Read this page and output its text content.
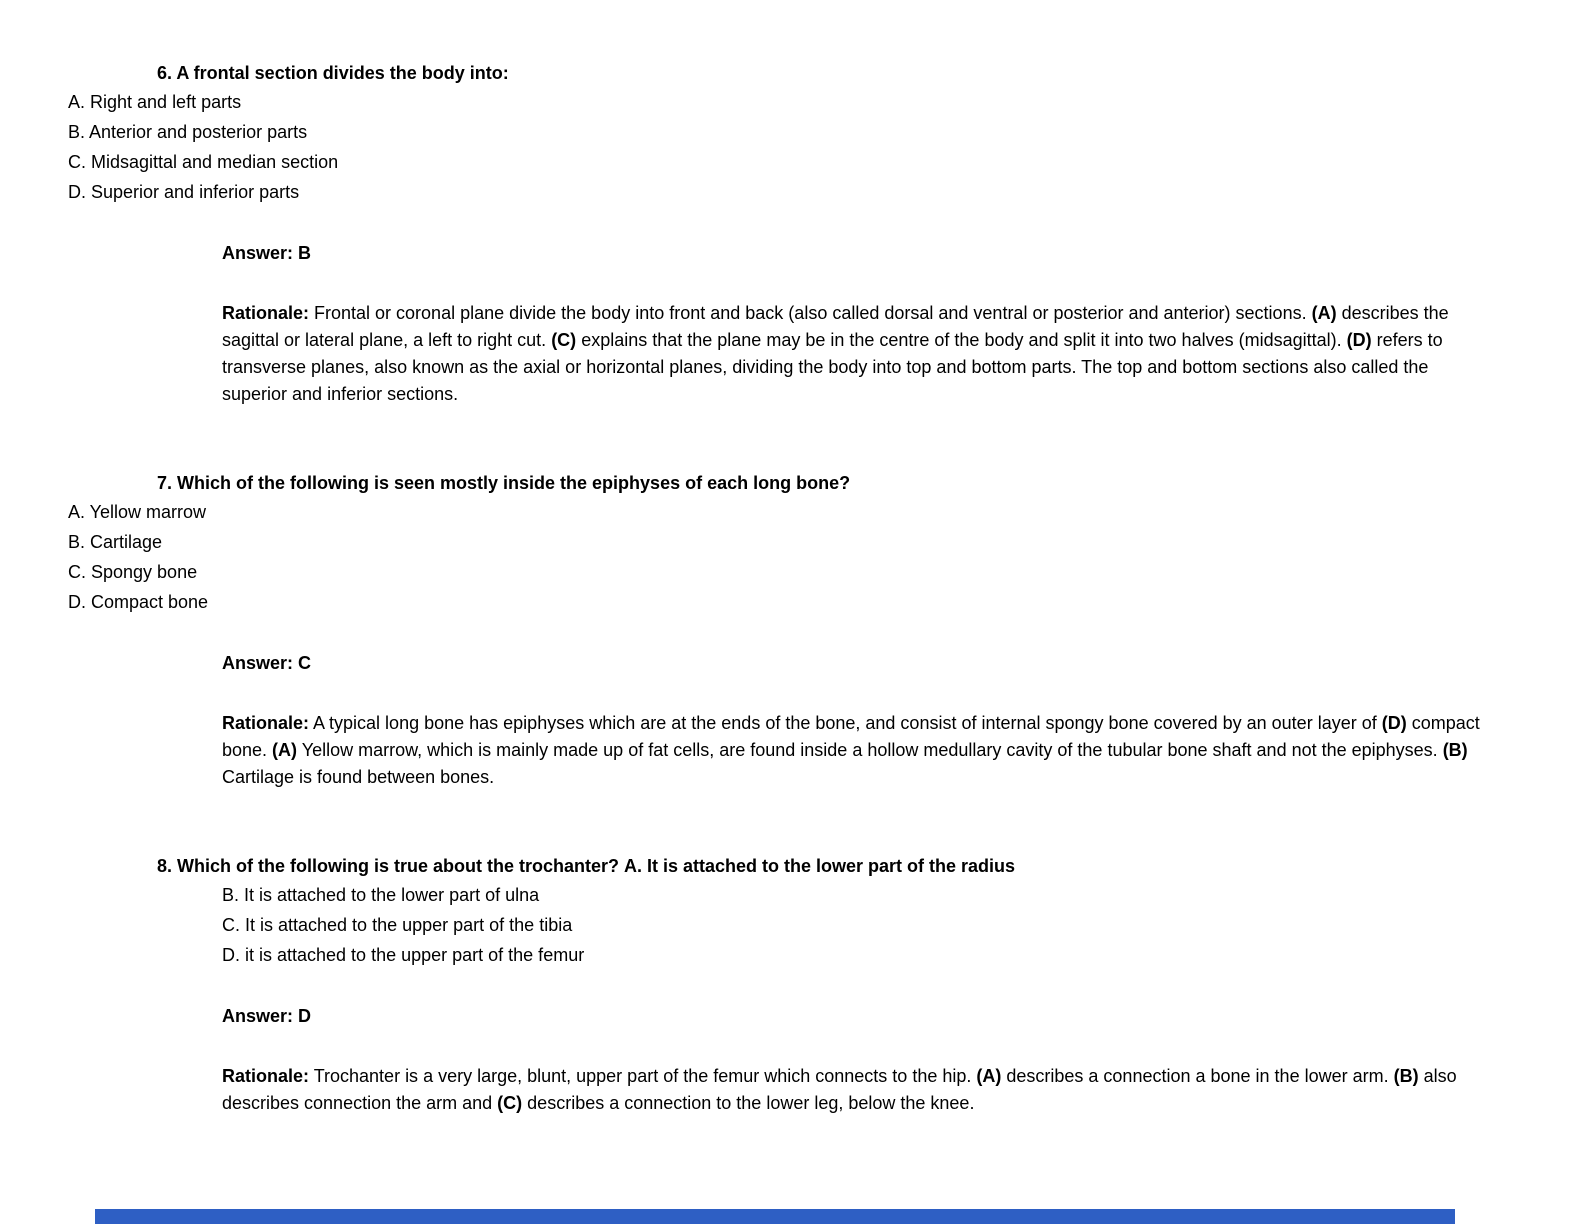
6. A frontal section divides the body into:

A. Right and left parts
B. Anterior and posterior parts
C. Midsagittal and median section
D. Superior and inferior parts

Answer: B

Rationale: Frontal or coronal plane divide the body into front and back (also called dorsal and ventral or posterior and anterior) sections. (A) describes the sagittal or lateral plane, a left to right cut. (C) explains that the plane may be in the centre of the body and split it into two halves (midsagittal). (D) refers to transverse planes, also known as the axial or horizontal planes, dividing the body into top and bottom parts. The top and bottom sections also called the superior and inferior sections.

7. Which of the following is seen mostly inside the epiphyses of each long bone?

A. Yellow marrow
B. Cartilage
C. Spongy bone
D. Compact bone

Answer: C

Rationale: A typical long bone has epiphyses which are at the ends of the bone, and consist of internal spongy bone covered by an outer layer of (D) compact bone. (A) Yellow marrow, which is mainly made up of fat cells, are found inside a hollow medullary cavity of the tubular bone shaft and not the epiphyses. (B) Cartilage is found between bones.

8. Which of the following is true about the trochanter? A. It is attached to the lower part of the radius

B. It is attached to the lower part of ulna
C. It is attached to the upper part of the tibia
D. it is attached to the upper part of the femur

Answer: D

Rationale: Trochanter is a very large, blunt, upper part of the femur which connects to the hip. (A) describes a connection a bone in the lower arm. (B) also describes connection the arm and (C) describes a connection to the lower leg, below the knee.
